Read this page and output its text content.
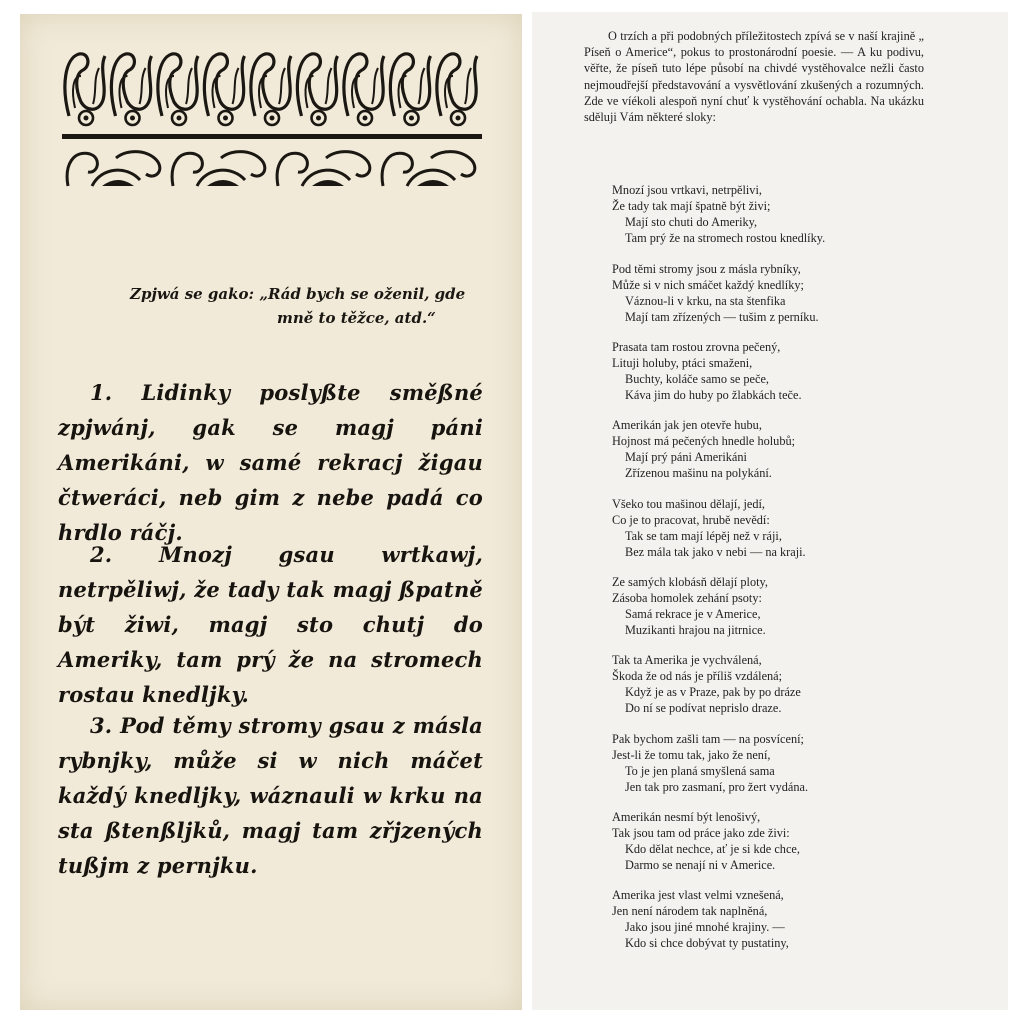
Zpjwá se gako: „Rád bych se oženil, gde
mně to těžce, atd.“
1. Lidinky poslyßte směßné zpjwánj, gak se magj páni Amerikáni, w samé rekracj žigau čtweráci, neb gim z nebe padá co hrdlo ráčj.
2. Mnozj gsau wrtkawj, netrpěliwj, že tady tak magj ßpatně být žiwi, magj sto chutj do Ameriky, tam prý že na stromech rostau knedljky.
3. Pod těmy stromy gsau z másla rybnjky, může si w nich máčet každý knedljky, wáznauli w krku na sta ßtenßljků, magj tam zřjzených tußjm z pernjku.
O trzích a při podobných příležitostech zpívá se v naší krajině „ Píseň o Americe“, pokus to prostonárodní poesie. — A ku podivu, věřte, že píseň tuto lépe působí na chivdé vystěhovalce nežli často nejmoudřejší představování a vysvětlování zkušených a rozumných. Zde ve víékoli alespoň nyní chuť k vystěhování ochabla. Na ukázku sděluji Vám některé sloky:
Mnozí jsou vrtkavi, netrpělivi,
Že tady tak mají špatně být živi;
Mají sto chuti do Ameriky,
Tam prý že na stromech rostou knedlíky.
Pod těmi stromy jsou z másla rybníky,
Může si v nich smáčet každý knedlíky;
Váznou-li v krku, na sta štenfika
Mají tam zřízených — tušim z perníku.
Prasata tam rostou zrovna pečený,
Lituji holuby, ptáci smaženi,
Buchty, koláče samo se peče,
Káva jim do huby po žlabkách teče.
Amerikán jak jen otevře hubu,
Hojnost má pečených hnedle holubů;
Mají prý páni Amerikáni
Zřízenou mašinu na polykání.
Všeko tou mašinou dělají, jedí,
Co je to pracovat, hrubě nevědí:
Tak se tam mají lépěj než v ráji,
Bez mála tak jako v nebi — na kraji.
Ze samých klobásň dělají ploty,
Zásoba homolek zehání psoty:
Samá rekrace je v Americe,
Muzikanti hrajou na jitrnice.
Tak ta Amerika je vychválená,
Škoda že od nás je příliš vzdálená;
Když je as v Praze, pak by po dráze
Do ní se podívat neprislo draze.
Pak bychom zašli tam — na posvícení;
Jest-li že tomu tak, jako že není,
To je jen planá smyšlená sama
Jen tak pro zasmaní, pro žert vydána.
Amerikán nesmí být lenošivý,
Tak jsou tam od práce jako zde živi:
Kdo dělat nechce, ať je si kde chce,
Darmo se nenají ni v Americe.
Amerika jest vlast velmi vznešená,
Jen není národem tak naplněná,
Jako jsou jiné mnohé krajiny. —
Kdo si chce dobývat ty pustatiny,
